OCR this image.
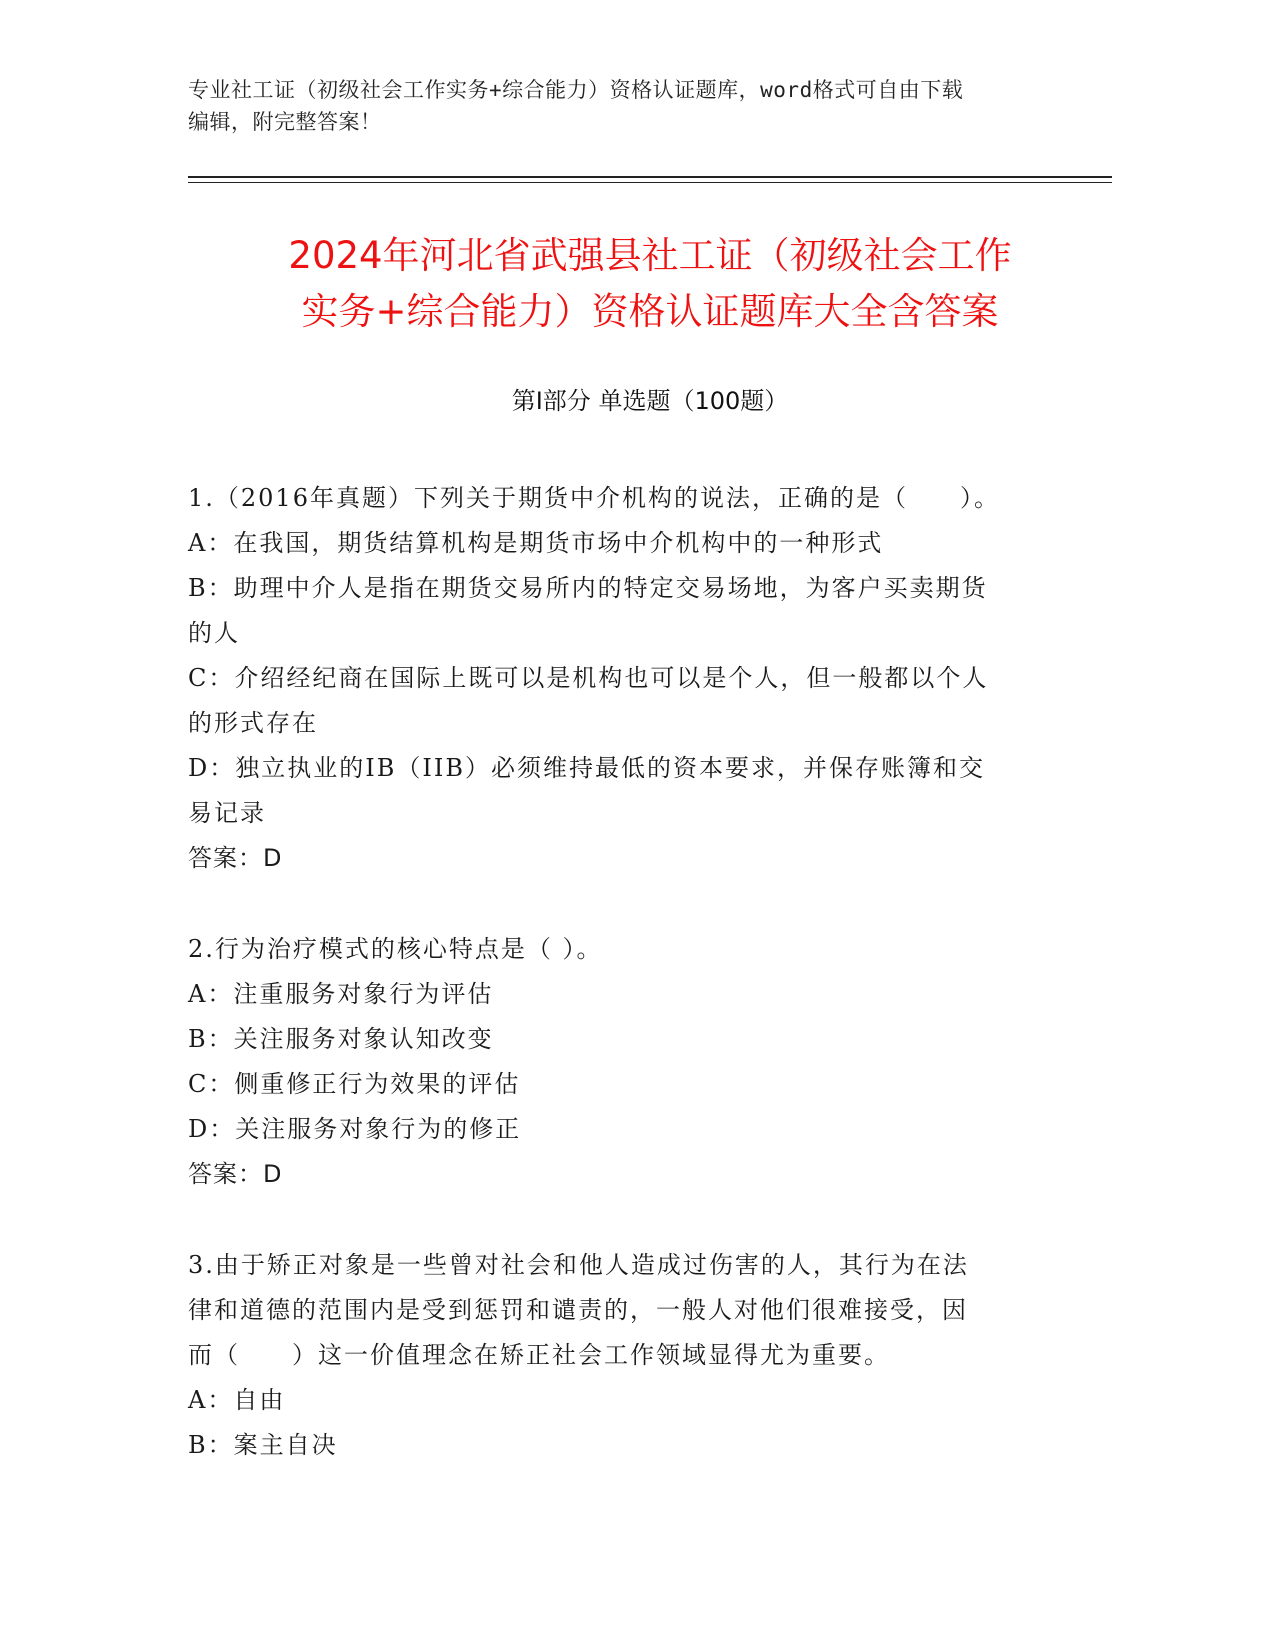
专业社工证（初级社会工作实务+综合能力）资格认证题库，word格式可自由下载
编辑，附完整答案！
2024年河北省武强县社工证（初级社会工作
实务+综合能力）资格认证题库大全含答案
第Ⅰ部分 单选题（100题）
1.（2016年真题）下列关于期货中介机构的说法，正确的是（　　）。
A：在我国，期货结算机构是期货市场中介机构中的一种形式
B：助理中介人是指在期货交易所内的特定交易场地，为客户买卖期货
的人
C：介绍经纪商在国际上既可以是机构也可以是个人，但一般都以个人
的形式存在
D：独立执业的IB（IIB）必须维持最低的资本要求，并保存账簿和交
易记录
答案：D
2.行为治疗模式的核心特点是（ ）。
A：注重服务对象行为评估
B：关注服务对象认知改变
C：侧重修正行为效果的评估
D：关注服务对象行为的修正
答案：D
3.由于矫正对象是一些曾对社会和他人造成过伤害的人，其行为在法
律和道德的范围内是受到惩罚和谴责的，一般人对他们很难接受，因
而（　　）这一价值理念在矫正社会工作领域显得尤为重要。
A：自由
B：案主自决
